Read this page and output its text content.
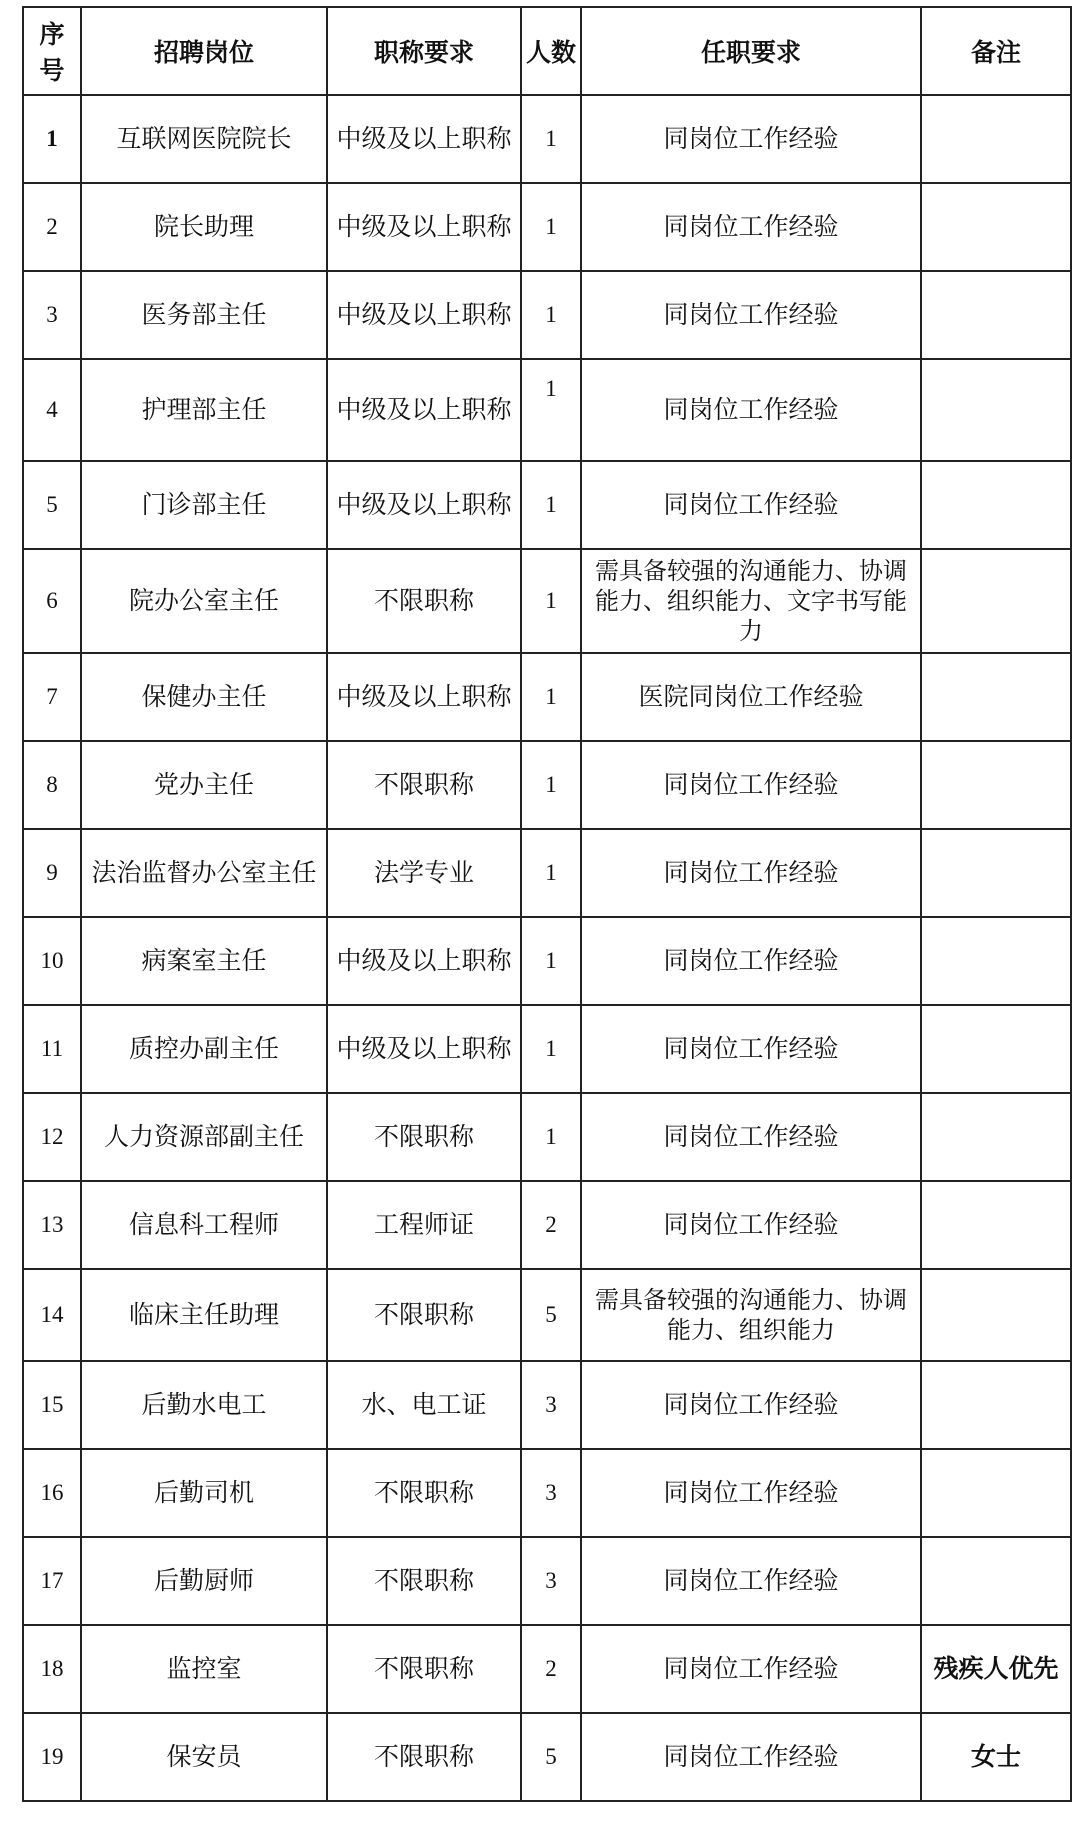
序号	招聘岗位	职称要求	人数	任职要求	备注
1	互联网医院院长	中级及以上职称	1	同岗位工作经验	
2	院长助理	中级及以上职称	1	同岗位工作经验	
3	医务部主任	中级及以上职称	1	同岗位工作经验	
4	护理部主任	中级及以上职称	1	同岗位工作经验	
5	门诊部主任	中级及以上职称	1	同岗位工作经验	
6	院办公室主任	不限职称	1	需具备较强的沟通能力、协调能力、组织能力、文字书写能力	
7	保健办主任	中级及以上职称	1	医院同岗位工作经验	
8	党办主任	不限职称	1	同岗位工作经验	
9	法治监督办公室主任	法学专业	1	同岗位工作经验	
10	病案室主任	中级及以上职称	1	同岗位工作经验	
11	质控办副主任	中级及以上职称	1	同岗位工作经验	
12	人力资源部副主任	不限职称	1	同岗位工作经验	
13	信息科工程师	工程师证	2	同岗位工作经验	
14	临床主任助理	不限职称	5	需具备较强的沟通能力、协调能力、组织能力	
15	后勤水电工	水、电工证	3	同岗位工作经验	
16	后勤司机	不限职称	3	同岗位工作经验	
17	后勤厨师	不限职称	3	同岗位工作经验	
18	监控室	不限职称	2	同岗位工作经验	残疾人优先
19	保安员	不限职称	5	同岗位工作经验	女士
